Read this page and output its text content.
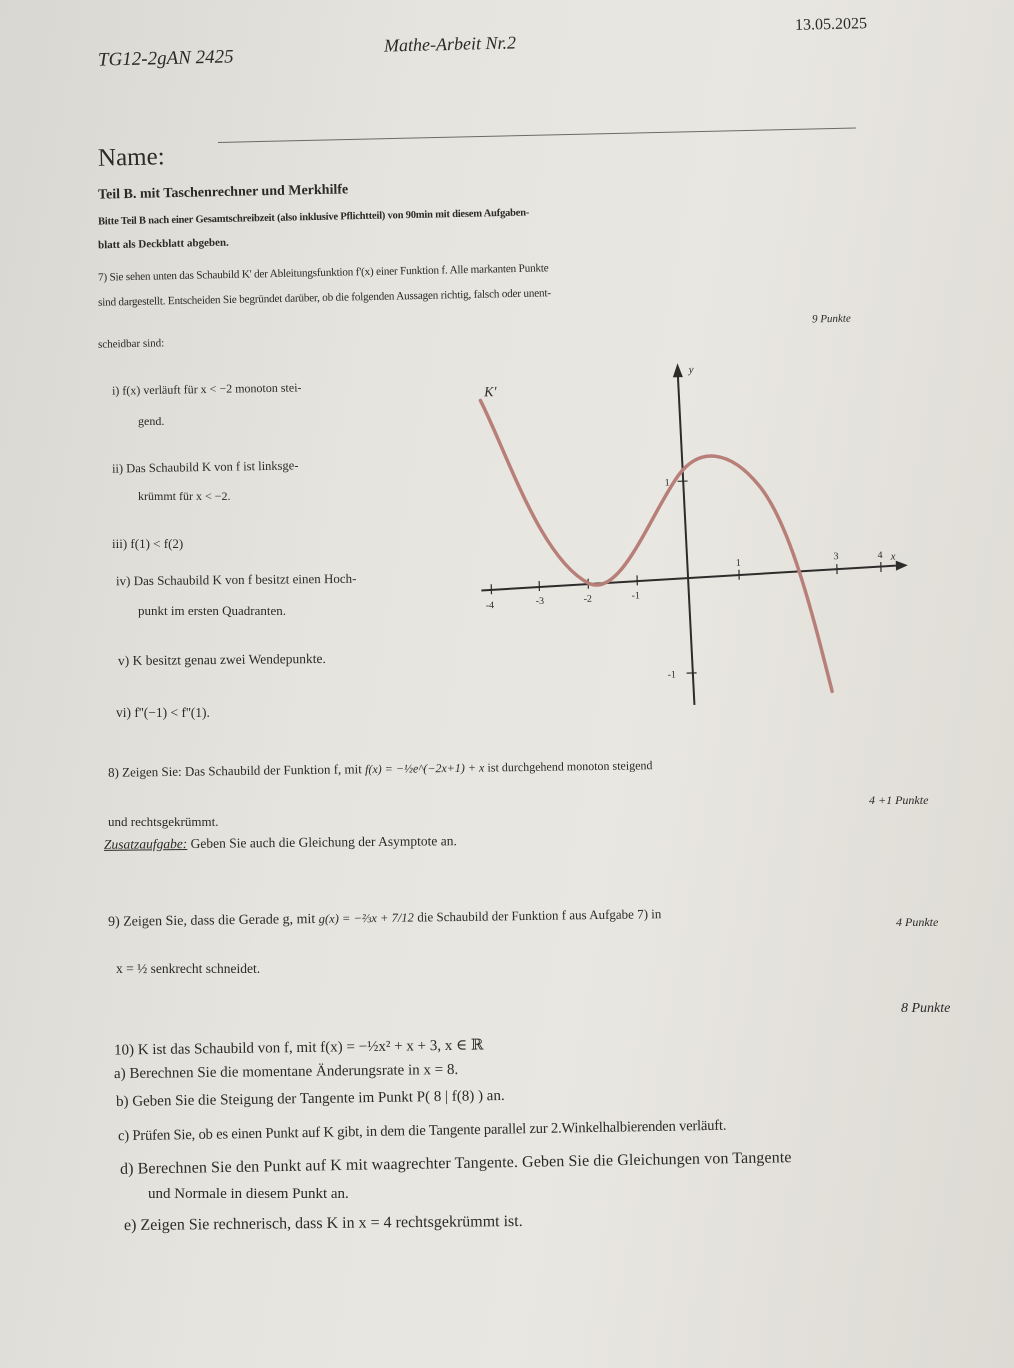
TG12-2gAN 2425
Mathe-Arbeit Nr.2
13.05.2025
Name:
Teil B. mit Taschenrechner und Merkhilfe
Bitte Teil B nach einer Gesamtschreibzeit (also inklusive Pflichtteil) von 90min mit diesem Aufgaben-
blatt als Deckblatt abgeben.
7) Sie sehen unten das Schaubild K' der Ableitungsfunktion f'(x) einer Funktion f. Alle markanten Punkte
sind dargestellt. Entscheiden Sie begründet darüber, ob die folgenden Aussagen richtig, falsch oder unent-
9 Punkte
scheidbar sind:
i) f(x) verläuft für x < −2 monoton stei-
gend.
ii) Das Schaubild K von f ist linksge-
krümmt für x < −2.
iii) f(1) < f(2)
iv) Das Schaubild K von f besitzt einen Hoch-
punkt im ersten Quadranten.
v) K besitzt genau zwei Wendepunkte.
vi) f''(−1) < f''(1).
-4	-3	-2	-1
1
3	4
1
-1
y
x
K'
8) Zeigen Sie: Das Schaubild der Funktion f, mit f(x) = −½e^(−2x+1) + x ist durchgehend monoton steigend
4 +1 Punkte
und rechtsgekrümmt.
Zusatzaufgabe: Geben Sie auch die Gleichung der Asymptote an.
9) Zeigen Sie, dass die Gerade g, mit g(x) = −⅔x + 7/12 die Schaubild der Funktion f aus Aufgabe 7) in	4 Punkte
x = ½ senkrecht schneidet.
8 Punkte
10) K ist das Schaubild von f, mit f(x) = −½x² + x + 3, x ∈ ℝ
a) Berechnen Sie die momentane Änderungsrate in x = 8.
b) Geben Sie die Steigung der Tangente im Punkt P( 8 | f(8) ) an.
c) Prüfen Sie, ob es einen Punkt auf K gibt, in dem die Tangente parallel zur 2.Winkelhalbierenden verläuft.
d) Berechnen Sie den Punkt auf K mit waagrechter Tangente. Geben Sie die Gleichungen von Tangente
und Normale in diesem Punkt an.
e) Zeigen Sie rechnerisch, dass K in x = 4 rechtsgekrümmt ist.
